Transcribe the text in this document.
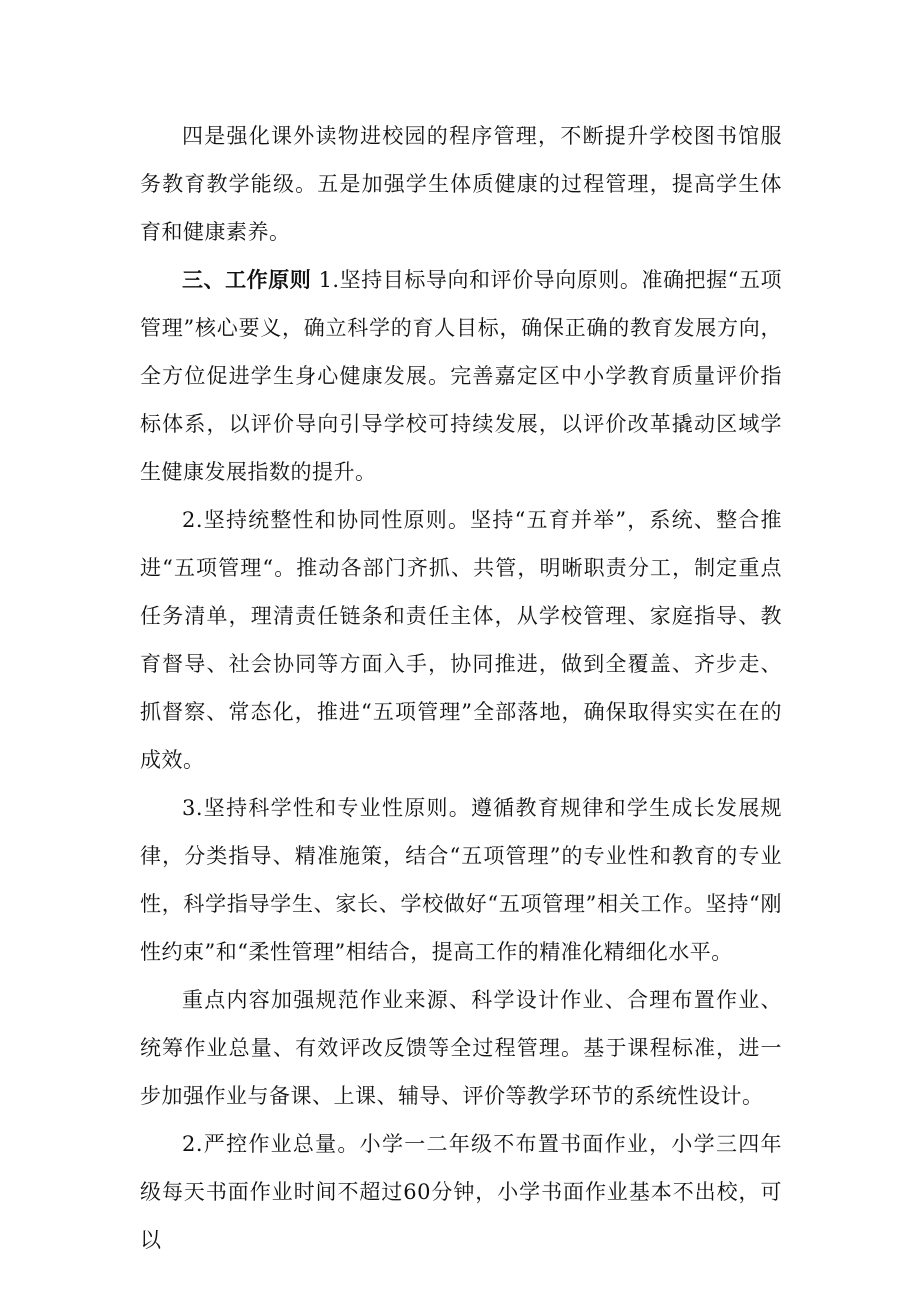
四是强化课外读物进校园的程序管理，不断提升学校图书馆服务教育教学能级。五是加强学生体质健康的过程管理，提高学生体育和健康素养。

三、工作原则 1.坚持目标导向和评价导向原则。准确把握“五项管理”核心要义，确立科学的育人目标，确保正确的教育发展方向，全方位促进学生身心健康发展。完善嘉定区中小学教育质量评价指标体系，以评价导向引导学校可持续发展，以评价改革撬动区域学生健康发展指数的提升。

2.坚持统整性和协同性原则。坚持“五育并举”，系统、整合推进“五项管理“。推动各部门齐抓、共管，明晰职责分工，制定重点任务清单，理清责任链条和责任主体，从学校管理、家庭指导、教育督导、社会协同等方面入手，协同推进，做到全覆盖、齐步走、抓督察、常态化，推进“五项管理”全部落地，确保取得实实在在的成效。

3.坚持科学性和专业性原则。遵循教育规律和学生成长发展规律，分类指导、精准施策，结合“五项管理”的专业性和教育的专业性，科学指导学生、家长、学校做好“五项管理”相关工作。坚持“刚性约束”和“柔性管理”相结合，提高工作的精准化精细化水平。

重点内容加强规范作业来源、科学设计作业、合理布置作业、统筹作业总量、有效评改反馈等全过程管理。基于课程标准，进一步加强作业与备课、上课、辅导、评价等教学环节的系统性设计。

2.严控作业总量。小学一二年级不布置书面作业，小学三四年级每天书面作业时间不超过60分钟，小学书面作业基本不出校，可以
